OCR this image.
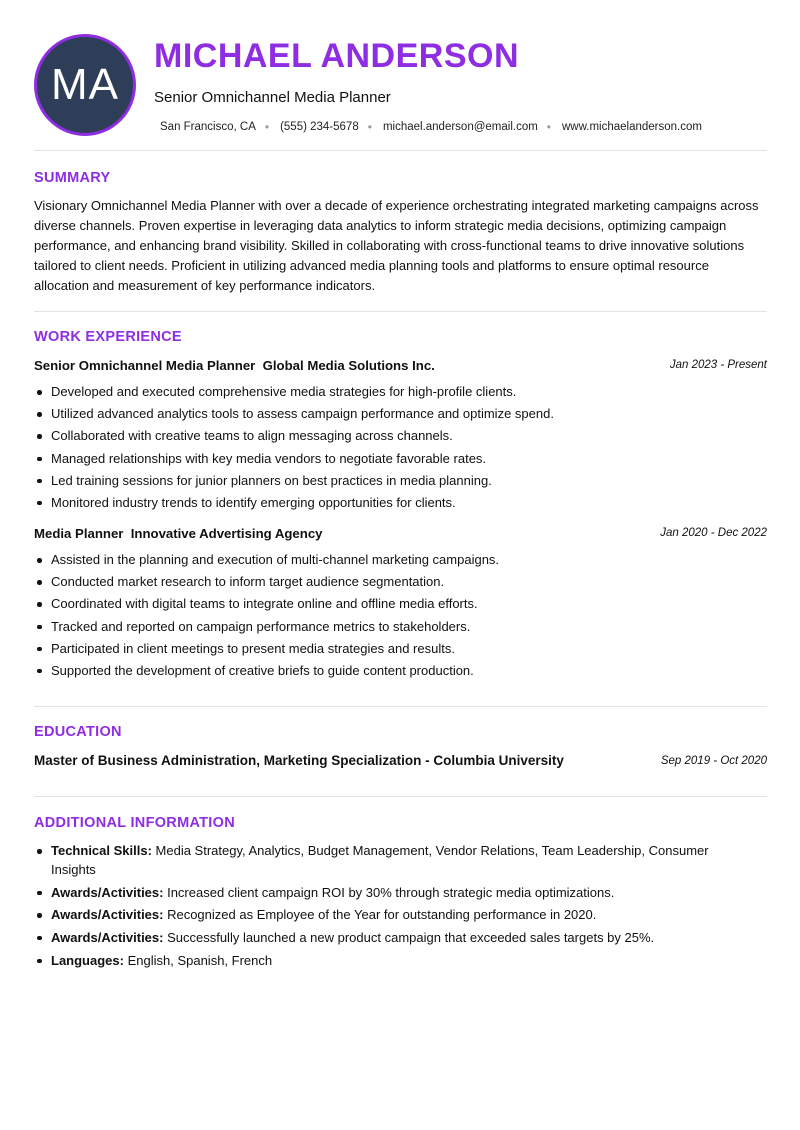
MA
MICHAEL ANDERSON
Senior Omnichannel Media Planner
San Francisco, CA • (555) 234-5678 • michael.anderson@email.com • www.michaelanderson.com
SUMMARY

Visionary Omnichannel Media Planner with over a decade of experience orchestrating integrated marketing campaigns across diverse channels. Proven expertise in leveraging data analytics to inform strategic media decisions, optimizing campaign performance, and enhancing brand visibility. Skilled in collaborating with cross-functional teams to drive innovative solutions tailored to client needs. Proficient in utilizing advanced media planning tools and platforms to ensure optimal resource allocation and measurement of key performance indicators.

WORK EXPERIENCE
Senior Omnichannel Media Planner  Global Media Solutions Inc.	Jan 2023 - Present
Developed and executed comprehensive media strategies for high-profile clients.
Utilized advanced analytics tools to assess campaign performance and optimize spend.
Collaborated with creative teams to align messaging across channels.
Managed relationships with key media vendors to negotiate favorable rates.
Led training sessions for junior planners on best practices in media planning.
Monitored industry trends to identify emerging opportunities for clients.
Media Planner  Innovative Advertising Agency	Jan 2020 - Dec 2022
Assisted in the planning and execution of multi-channel marketing campaigns.
Conducted market research to inform target audience segmentation.
Coordinated with digital teams to integrate online and offline media efforts.
Tracked and reported on campaign performance metrics to stakeholders.
Participated in client meetings to present media strategies and results.
Supported the development of creative briefs to guide content production.
EDUCATION
Master of Business Administration, Marketing Specialization - Columbia University	Sep 2019 - Oct 2020
ADDITIONAL INFORMATION
Technical Skills: Media Strategy, Analytics, Budget Management, Vendor Relations, Team Leadership, Consumer Insights
Awards/Activities: Increased client campaign ROI by 30% through strategic media optimizations.
Awards/Activities: Recognized as Employee of the Year for outstanding performance in 2020.
Awards/Activities: Successfully launched a new product campaign that exceeded sales targets by 25%.
Languages: English, Spanish, French
